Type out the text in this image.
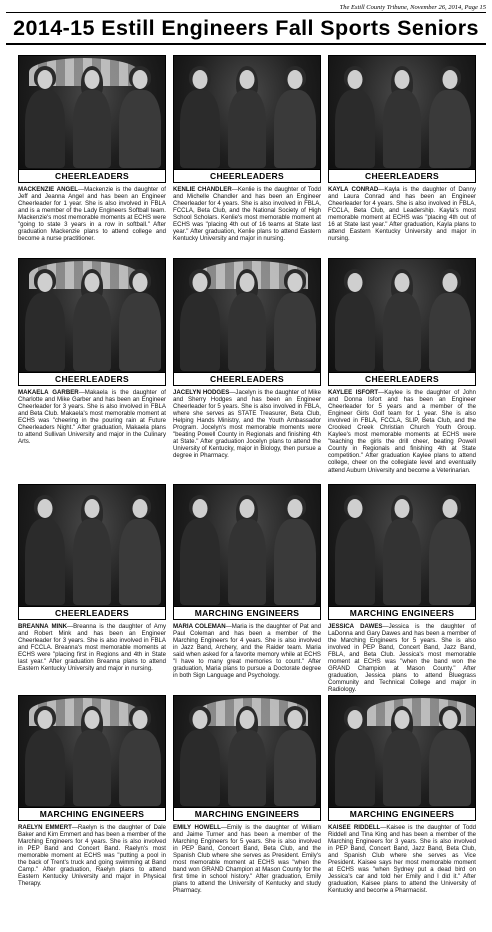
The Estill County Tribune, November 26, 2014, Page 15
2014-15 Estill Engineers Fall Sports Seniors
CHEERLEADERS
MACKENZIE ANGEL—Mackenzie is the daughter of Jeff and Jeanna Angel and has been an Engineer Cheerleader for 1 year. She is also involved in FBLA and is a member of the Lady Engineers Softball team. Mackenzie's most memorable moments at ECHS were "going to state 3 years in a row in softball." After graduation Mackenzie plans to attend college and become a nurse practitioner.
CHEERLEADERS
KENLIE CHANDLER—Kenlie is the daughter of Todd and Michelle Chandler and has been an Engineer Cheerleader for 4 years. She is also involved in FBLA, FCCLA, Beta Club, and the National Society of High School Scholars. Kenlie's most memorable moment at ECHS was "placing 4th out of 16 teams at State last year." After graduation, Kenlie plans to attend Eastern Kentucky University and major in nursing.
CHEERLEADERS
KAYLA CONRAD—Kayla is the daughter of Danny and Laura Conrad and has been an Engineer Cheerleader for 4 years. She is also involved in FBLA, FCCLA, Beta Club, and Leadership. Kayla's most memorable moment at ECHS was "placing 4th out of 16 at State last year." After graduation, Kayla plans to attend Eastern Kentucky University and major in nursing.
CHEERLEADERS
MAKAELA GARBER—Makaela is the daughter of Charlotte and Mike Garber and has been an Engineer Cheerleader for 3 years. She is also involved in FBLA and Beta Club. Makaela's most memorable moment at ECHS was "cheering in the pouring rain at Future Cheerleaders Night." After graduation, Makaela plans to attend Sullivan University and major in the Culinary Arts.
CHEERLEADERS
JACELYN HODGES—Jacelyn is the daughter of Mike and Sherry Hodges and has been an Engineer Cheerleader for 5 years. She is also involved in FBLA, where she serves as STATE Treasurer, Beta Club, Helping Hands Ministry, and the Youth Ambassador Program. Jocelyn's most memorable moments were "beating Powell County in Regionals and finishing 4th at State." After graduation Jocelyn plans to attend the University of Kentucky, major in Biology, then pursue a degree in Pharmacy.
CHEERLEADERS
KAYLEE ISFORT—Kaylee is the daughter of John and Donna Isfort and has been an Engineer Cheerleader for 5 years and a member of the Engineer Girls Golf team for 1 year. She is also involved in FBLA, FCCLA, SLIP, Beta Club, and the Crooked Creek Christian Church Youth Group. Kaylee's most memorable moments at ECHS were "teaching the girls the drill cheer, beating Powell County in Regionals and finishing 4th at State competition." After graduation Kaylee plans to attend college, cheer on the collegiate level and eventually attend Auburn University and become a Veterinarian.
CHEERLEADERS
BREANNA MINK—Breanna is the daughter of Amy and Robert Mink and has been an Engineer Cheerleader for 3 years. She is also involved in FBLA and FCCLA. Breanna's most memorable moments at ECHS were "placing first in Regions and 4th in State last year." After graduation Breanna plans to attend Eastern Kentucky University and major in nursing.
MARCHING ENGINEERS
MARIA COLEMAN—Maria is the daughter of Pat and Paul Coleman and has been a member of the Marching Engineers for 4 years. She is also involved in Jazz Band, Archery, and the Raider team. Maria said when asked for a favorite memory while at ECHS "I have to many great memories to count." After graduation, Maria plans to pursue a Doctorate degree in both Sign Language and Psychology.
MARCHING ENGINEERS
JESSICA DAWES—Jessica is the daughter of LaDonna and Gary Dawes and has been a member of the Marching Engineers for 5 years. She is also involved in PEP Band, Concert Band, Jazz Band, FBLA, and Beta Club. Jessica's most memorable moment at ECHS was "when the band won the GRAND Champion at Mason County." After graduation, Jessica plans to attend Bluegrass Community and Technical College and major in Radiology.
MARCHING ENGINEERS
RAELYN EMMERT—Raelyn is the daughter of Dale Baker and Kim Emmert and has been a member of the Marching Engineers for 4 years. She is also involved in PEP Band and Concert Band. Raelyn's most memorable moment at ECHS was "putting a pool in the back of Trent's truck and going swimming at Band Camp." After graduation, Raelyn plans to attend Eastern Kentucky University and major in Physical Therapy.
MARCHING ENGINEERS
EMILY HOWELL—Emily is the daughter of William and Jaime Turner and has been a member of the Marching Engineers for 5 years. She is also involved in PEP Band, Concert Band, Beta Club, and the Spanish Club where she serves as President. Emily's most memorable moment at ECHS was "when the band won GRAND Champion at Mason County for the first time in school history." After graduation, Emily plans to attend the University of Kentucky and study Pharmacy.
MARCHING ENGINEERS
KAISEE RIDDELL—Kaisee is the daughter of Todd Riddell and Tina King and has been a member of the Marching Engineers for 3 years. She is also involved in PEP Band, Concert Band, Jazz Band, Beta Club, and Spanish Club where she serves as Vice President. Kaisee says her most memorable moment at ECHS was "when Sydney put a dead bird on Jessica's car and told her Emily and I did it." After graduation, Kaisee plans to attend the University of Kentucky and become a Pharmacist.
